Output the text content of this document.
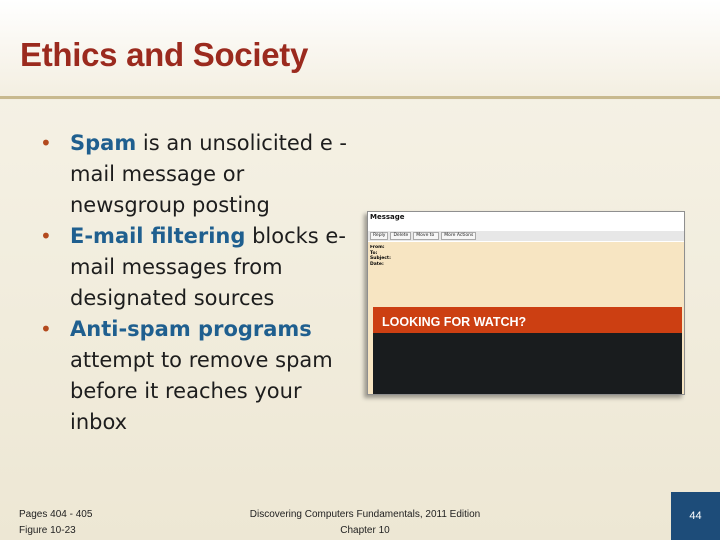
Ethics and Society
• Spam is an unsolicited e -mail message or newsgroup posting
• E-mail filtering blocks e-mail messages from designated sources
• Anti-spam programs attempt to remove spam before it reaches your inbox
Message
Reply	Delete	Move to	More Actions
From:
To:
Subject:
Date:
LOOKING FOR WATCH?
Pages 404 - 405
Figure 10-23
Discovering Computers Fundamentals, 2011 Edition
Chapter 10
44
